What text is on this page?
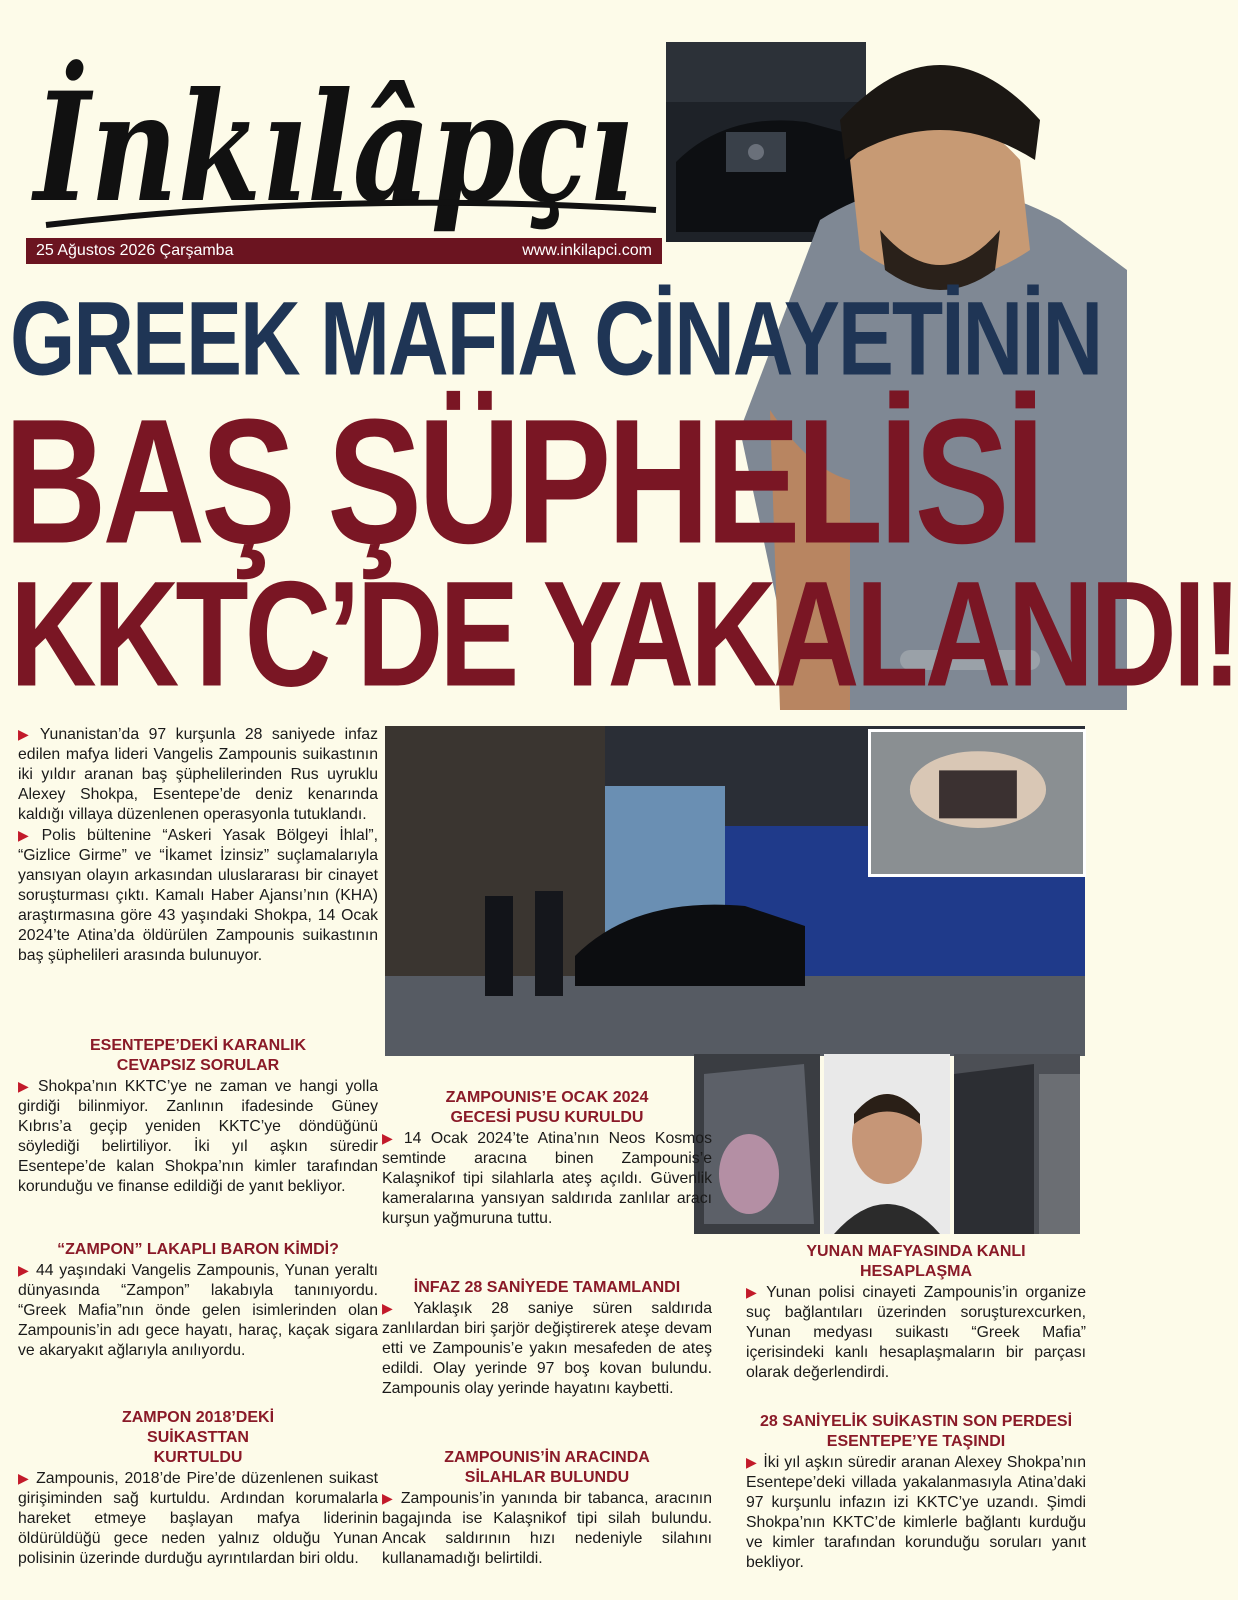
İnkılâpçı
25 Ağustos 2026 Çarşamba	www.inkilapci.com
GREEK MAFIA CİNAYETİNİN
BAŞ ŞÜPHELİSİ
KKTC’DE YAKALANDI!

▶ Yunanistan’da 97 kurşunla 28 saniyede infaz edilen mafya lideri Vangelis Zampounis suikastının iki yıldır aranan baş şüphelilerinden Rus uyruklu Alexey Shokpa, Esentepe’de deniz kenarında kaldığı villaya düzenlenen operasyonla tutuklandı.

▶ Polis bültenine “Askeri Yasak Bölgeyi İhlal”, “Gizlice Girme” ve “İkamet İzinsiz” suçlamalarıyla yansıyan olayın arkasından uluslararası bir cinayet soruşturması çıktı. Kamalı Haber Ajansı’nın (KHA) araştırmasına göre 43 yaşındaki Shokpa, 14 Ocak 2024’te Atina’da öldürülen Zampounis suikastının baş şüphelileri arasında bulunuyor.

ESENTEPE’DEKİ KARANLIK CEVAPSIZ SORULAR

▶ Shokpa’nın KKTC’ye ne zaman ve hangi yolla girdiği bilinmiyor. Zanlının ifadesinde Güney Kıbrıs’a geçip yeniden KKTC’ye döndüğünü söylediği belirtiliyor. İki yıl aşkın süredir Esentepe’de kalan Shokpa’nın kimler tarafından korunduğu ve finanse edildiği de yanıt bekliyor.

“ZAMPON” LAKAPLI BARON KİMDİ?

▶ 44 yaşındaki Vangelis Zampounis, Yunan yeraltı dünyasında “Zampon” lakabıyla tanınıyordu. “Greek Mafia”nın önde gelen isimlerinden olan Zampounis’in adı gece hayatı, haraç, kaçak sigara ve akaryakıt ağlarıyla anılıyordu.

ZAMPON 2018’DEKİ SUİKASTTAN KURTULDU

▶ Zampounis, 2018’de Pire’de düzenlenen suikast girişiminden sağ kurtuldu. Ardından korumalarla hareket etmeye başlayan mafya liderinin öldürüldüğü gece neden yalnız olduğu Yunan polisinin üzerinde durduğu ayrıntılardan biri oldu.

ZAMPOUNIS’E OCAK 2024 GECESİ PUSU KURULDU

▶ 14 Ocak 2024’te Atina’nın Neos Kosmos semtinde aracına binen Zampounis’e Kalaşnikof tipi silahlarla ateş açıldı. Güvenlik kameralarına yansıyan saldırıda zanlılar aracı kurşun yağmuruna tuttu.

İNFAZ 28 SANİYEDE TAMAMLANDI

▶ Yaklaşık 28 saniye süren saldırıda zanlılardan biri şarjör değiştirerek ateşe devam etti ve Zampounis’e yakın mesafeden de ateş edildi. Olay yerinde 97 boş kovan bulundu. Zampounis olay yerinde hayatını kaybetti.

ZAMPOUNIS’İN ARACINDA SİLAHLAR BULUNDU

▶ Zampounis’in yanında bir tabanca, aracının bagajında ise Kalaşnikof tipi silah bulundu. Ancak saldırının hızı nedeniyle silahını kullanamadığı belirtildi.

YUNAN MAFYASINDA KANLI HESAPLAŞMA

▶ Yunan polisi cinayeti Zampounis’in organize suç bağlantıları üzerinden soruşturexcurken, Yunan medyası suikastı “Greek Mafia” içerisindeki kanlı hesaplaşmaların bir parçası olarak değerlendirdi.

28 SANİYELİK SUİKASTIN SON PERDESİ ESENTEPE’YE TAŞINDI

▶ İki yıl aşkın süredir aranan Alexey Shokpa’nın Esentepe’deki villada yakalanmasıyla Atina’daki 97 kurşunlu infazın izi KKTC’ye uzandı. Şimdi Shokpa’nın KKTC’de kimlerle bağlantı kurduğu ve kimler tarafından korunduğu soruları yanıt bekliyor.
